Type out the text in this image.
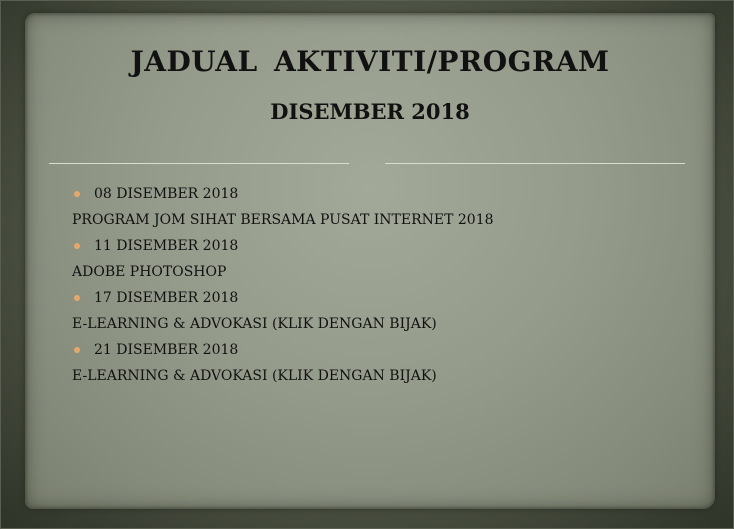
JADUAL AKTIVITI/PROGRAM
DISEMBER 2018
08 DISEMBER 2018
PROGRAM JOM SIHAT BERSAMA PUSAT INTERNET 2018
11 DISEMBER 2018
ADOBE PHOTOSHOP
17 DISEMBER 2018
E-LEARNING & ADVOKASI (KLIK DENGAN BIJAK)
21 DISEMBER 2018
E-LEARNING & ADVOKASI (KLIK DENGAN BIJAK)
